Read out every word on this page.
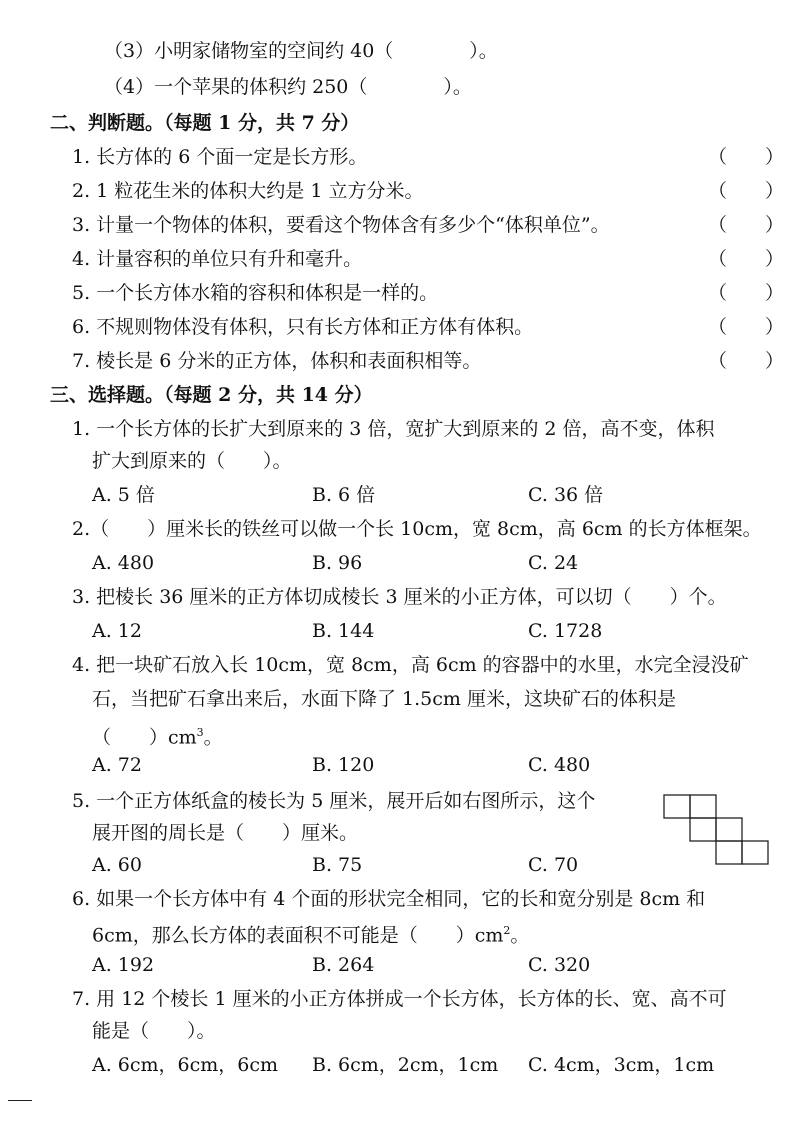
（3）小明家储物室的空间约 40（　　　　）。
（4）一个苹果的体积约 250（　　　　）。
二、判断题。（每题 1 分，共 7 分）
1. 长方体的 6 个面一定是长方形。	（　　）
2. 1 粒花生米的体积大约是 1 立方分米。	（　　）
3. 计量一个物体的体积，要看这个物体含有多少个“体积单位”。	（　　）
4. 计量容积的单位只有升和毫升。	（　　）
5. 一个长方体水箱的容积和体积是一样的。	（　　）
6. 不规则物体没有体积，只有长方体和正方体有体积。	（　　）
7. 棱长是 6 分米的正方体，体积和表面积相等。	（　　）
三、选择题。（每题 2 分，共 14 分）
1. 一个长方体的长扩大到原来的 3 倍，宽扩大到原来的 2 倍，高不变，体积
扩大到原来的（　　）。
A. 5 倍	B. 6 倍	C. 36 倍
2.（　　）厘米长的铁丝可以做一个长 10cm，宽 8cm，高 6cm 的长方体框架。
A. 480	B. 96	C. 24
3. 把棱长 36 厘米的正方体切成棱长 3 厘米的小正方体，可以切（　　）个。
A. 12	B. 144	C. 1728
4. 把一块矿石放入长 10cm，宽 8cm，高 6cm 的容器中的水里，水完全浸没矿
石，当把矿石拿出来后，水面下降了 1.5cm 厘米，这块矿石的体积是
（　　）$cm^3$。
A. 72	B. 120	C. 480
5. 一个正方体纸盒的棱长为 5 厘米，展开后如右图所示，这个
展开图的周长是（　　）厘米。
A. 60	B. 75	C. 70
6. 如果一个长方体中有 4 个面的形状完全相同，它的长和宽分别是 8cm 和
6cm，那么长方体的表面积不可能是（　　）$cm^2$。
A. 192	B. 264	C. 320
7. 用 12 个棱长 1 厘米的小正方体拼成一个长方体，长方体的长、宽、高不可
能是（　　）。
A. 6cm，6cm，6cm B. 6cm，2cm，1cm C. 4cm，3cm，1cm
